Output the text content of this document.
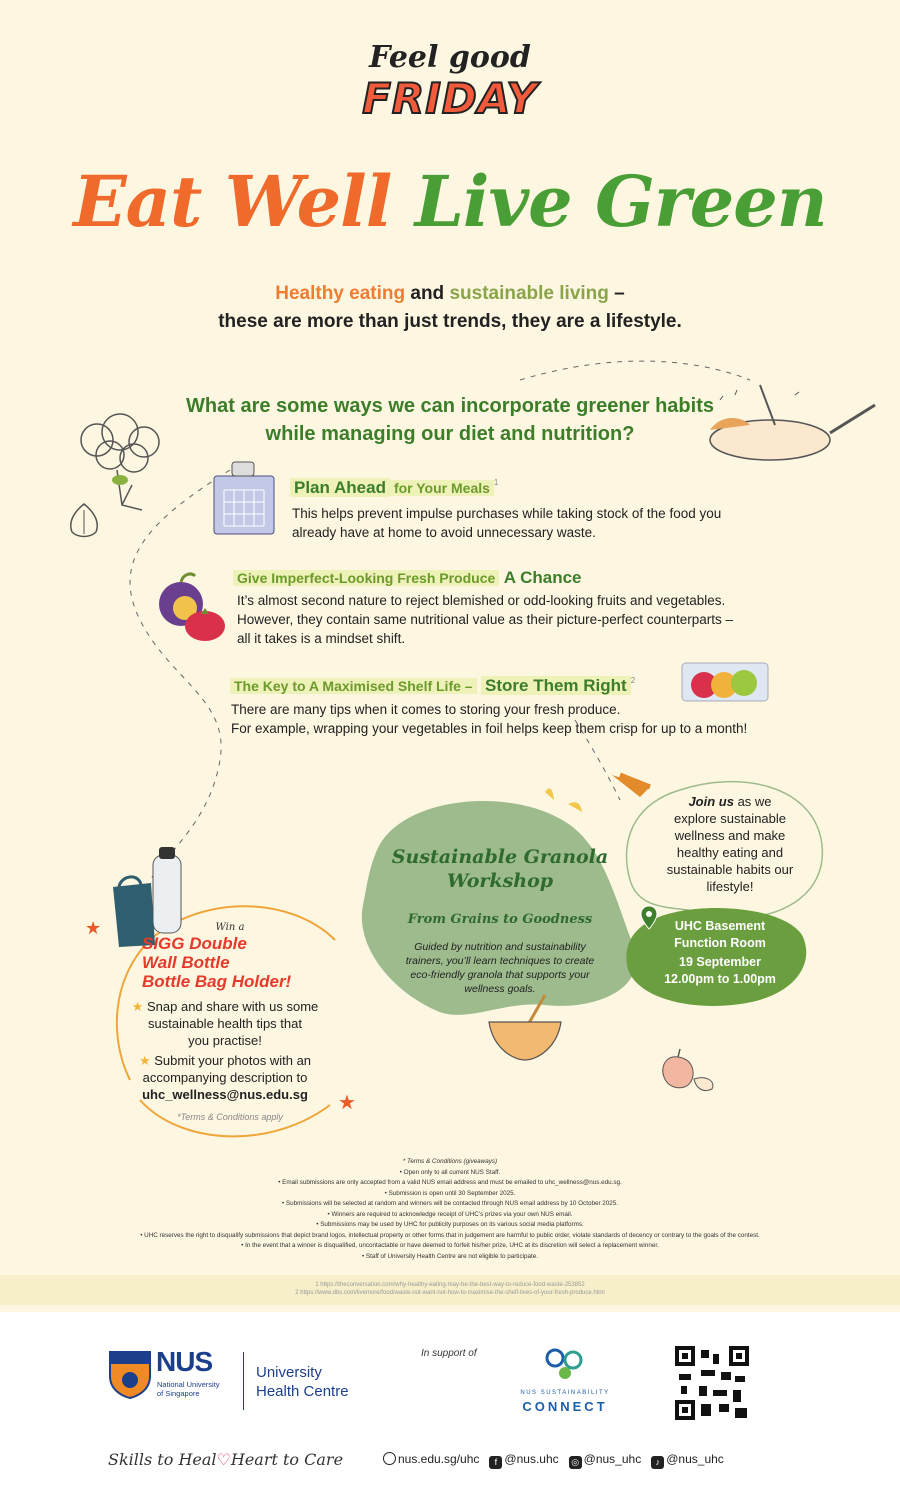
Feel good
FRIDAY
Eat Well Live Green
Healthy eating and sustainable living –
these are more than just trends, they are a lifestyle.
What are some ways we can incorporate greener habits
while managing our diet and nutrition?
Plan Ahead for Your Meals $^1$
This helps prevent impulse purchases while taking stock of the food you
already have at home to avoid unnecessary waste.
Give Imperfect-Looking Fresh Produce A Chance
It’s almost second nature to reject blemished or odd-looking fruits and vegetables.
However, they contain same nutritional value as their picture-perfect counterparts –
all it takes is a mindset shift.
The Key to A Maximised Shelf Life – Store Them Right $^2$
There are many tips when it comes to storing your fresh produce.
For example, wrapping your vegetables in foil helps keep them crisp for up to a month!
Sustainable Granola
Workshop
From Grains to Goodness
Guided by nutrition and sustainability
trainers, you’ll learn techniques to create
eco-friendly granola that supports your
wellness goals.
Join us as we
explore sustainable
wellness and make
healthy eating and
sustainable habits our
lifestyle!
UHC Basement
Function Room
19 September
12.00pm to 1.00pm
★
★
Win a
SIGG Double
Wall Bottle
Bottle Bag Holder!
★ Snap and share with us some
sustainable health tips that
you practise!
★ Submit your photos with an
accompanying description to
uhc_wellness@nus.edu.sg
*Terms & Conditions apply
* Terms & Conditions (giveaways)
• Open only to all current NUS Staff.
• Email submissions are only accepted from a valid NUS email address and must be emailed to uhc_wellness@nus.edu.sg.
• Submission is open until 30 September 2025.
• Submissions will be selected at random and winners will be contacted through NUS email address by 10 October 2025.
• Winners are required to acknowledge receipt of UHC’s prizes via your own NUS email.
• Submissions may be used by UHC for publicity purposes on its various social media platforms.
• UHC reserves the right to disqualify submissions that depict brand logos, intellectual property or other forms that in judgement are harmful to public order, violate standards of decency or contrary to the goals of the contest.
• In the event that a winner is disqualified, uncontactable or have deemed to forfeit his/her prize, UHC at its discretion will select a replacement winner.
• Staff of University Health Centre are not eligible to participate.
1 https://theconversation.com/why-healthy-eating-may-be-the-best-way-to-reduce-food-waste-253852
2 https://www.dbs.com/livemore/food/waste-not-want-not-how-to-maximise-the-shelf-lives-of-your-fresh-produce.html
NUS
National University
of Singapore
University
Health Centre
In support of
NUS SUSTAINABILITY
CONNECT
Skills to Heal♡Heart to Care	nus.edu.sg/uhc f @nus.uhc ◎ @nus_uhc ♪ @nus_uhc
